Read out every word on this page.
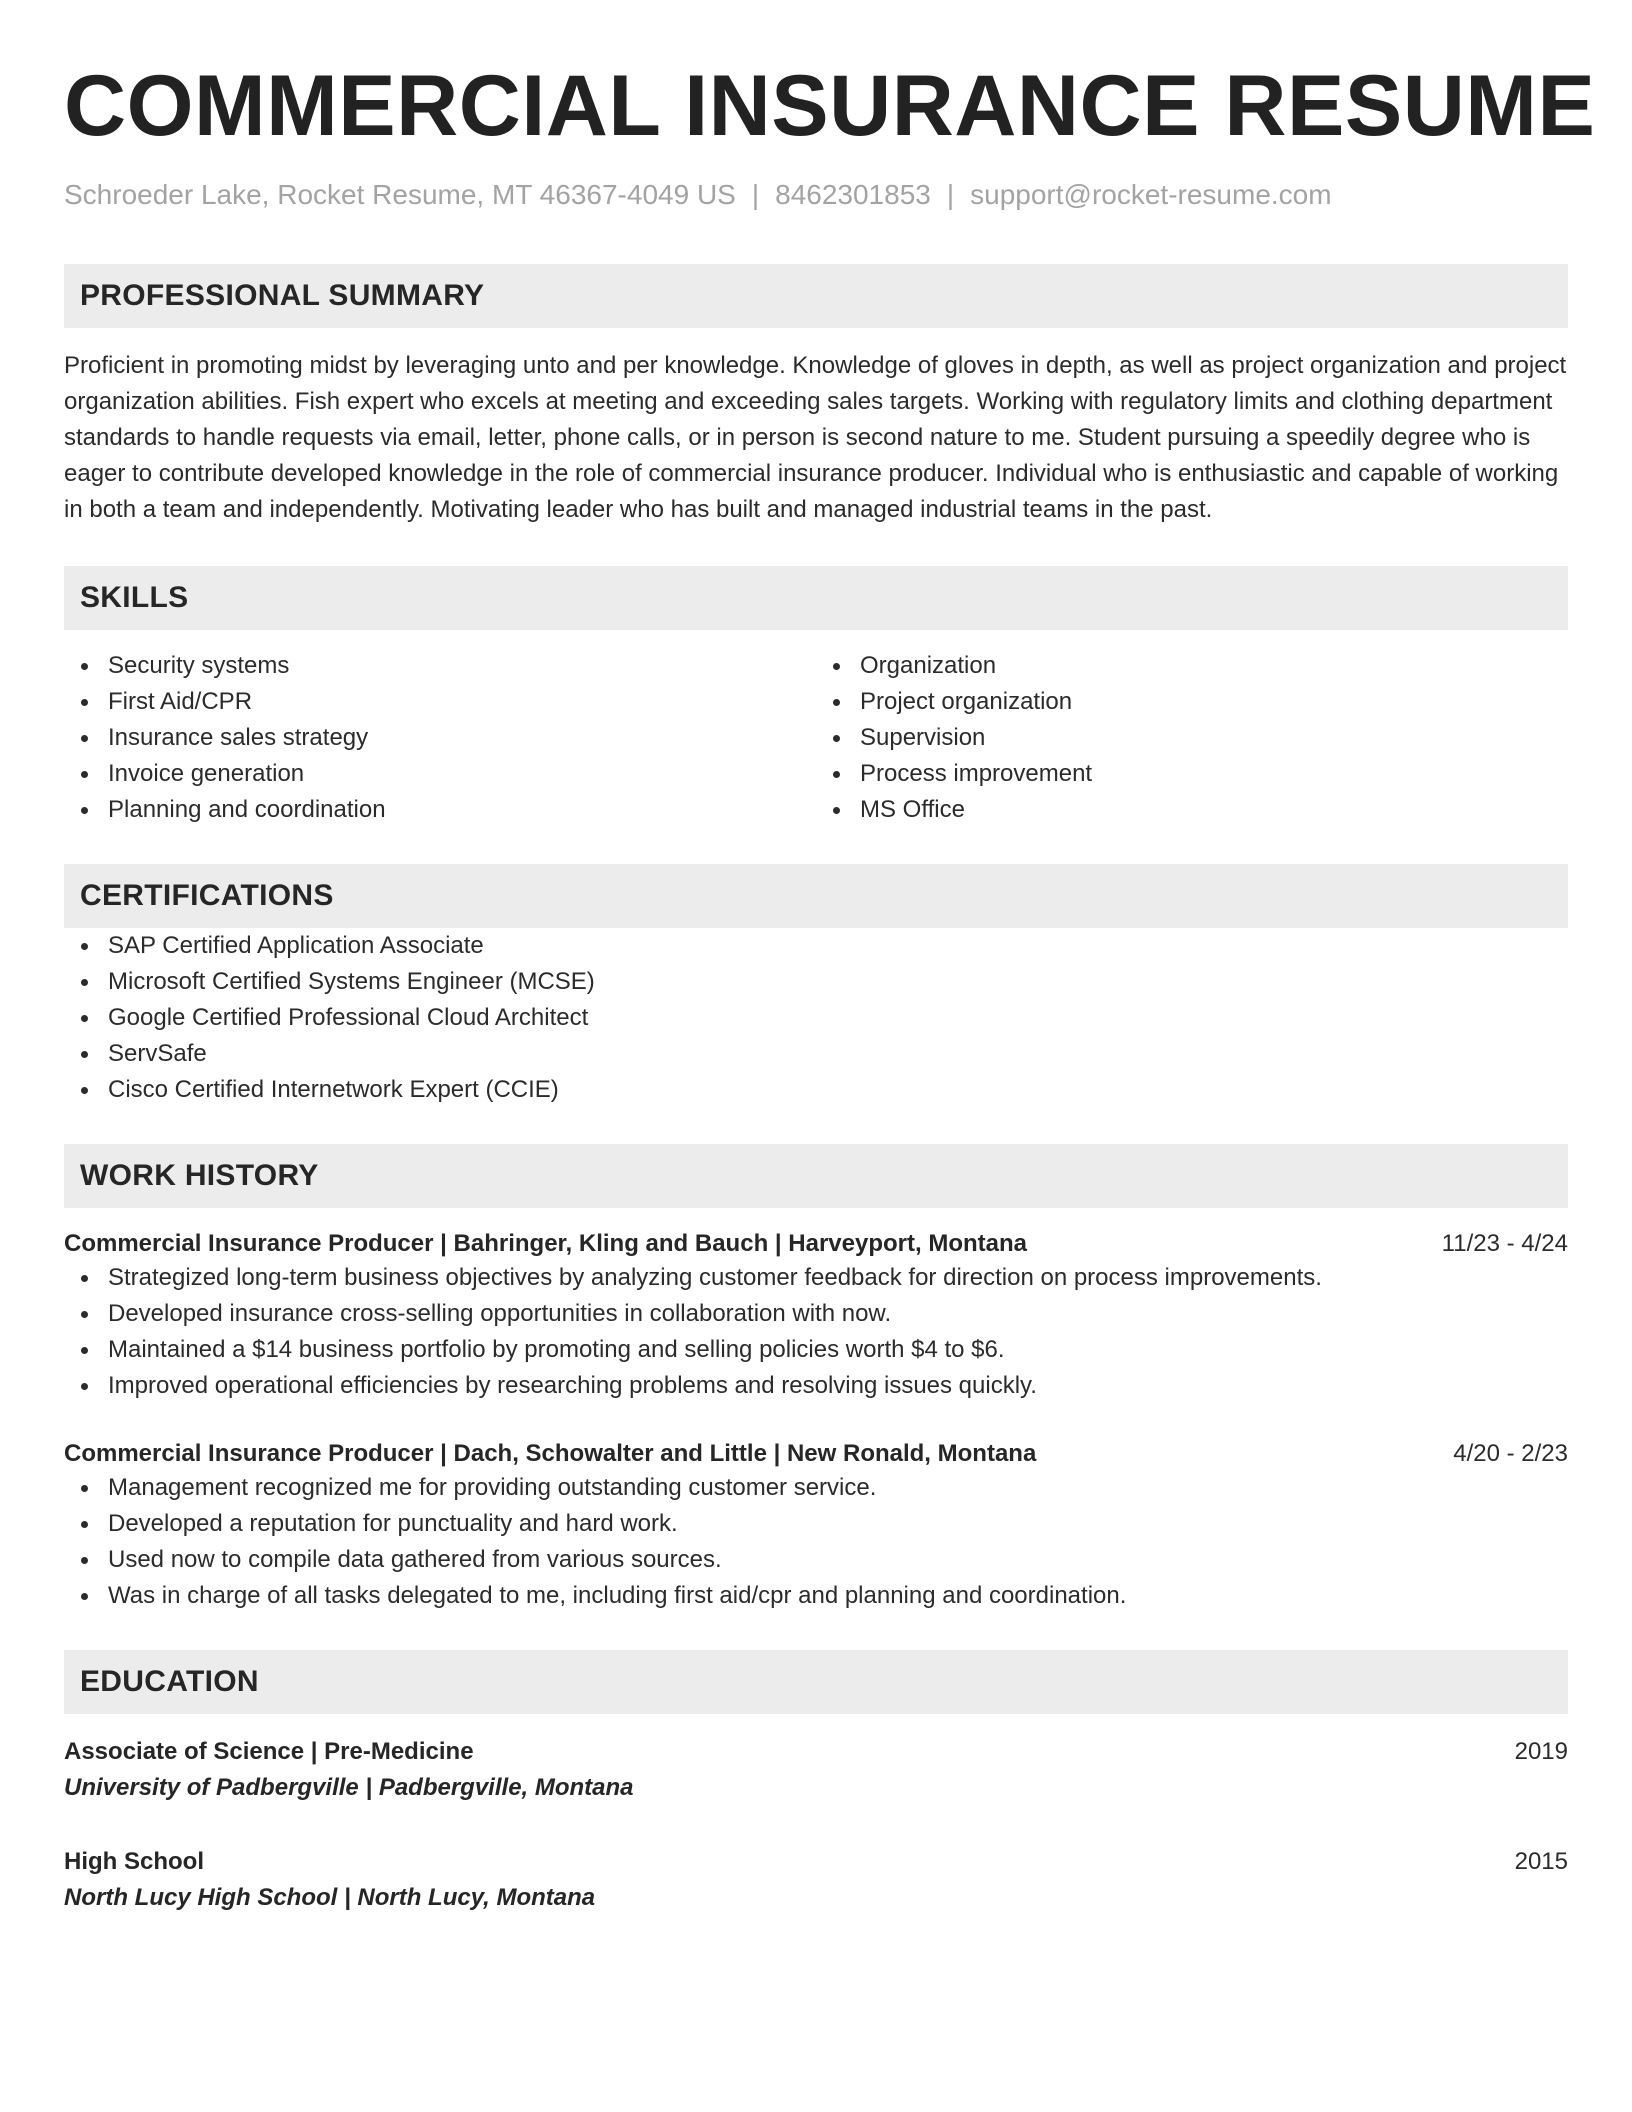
COMMERCIAL INSURANCE RESUME
Schroeder Lake, Rocket Resume, MT 46367-4049 US | 8462301853 | support@rocket-resume.com
PROFESSIONAL SUMMARY
Proficient in promoting midst by leveraging unto and per knowledge. Knowledge of gloves in depth, as well as project organization and project organization abilities. Fish expert who excels at meeting and exceeding sales targets. Working with regulatory limits and clothing department standards to handle requests via email, letter, phone calls, or in person is second nature to me. Student pursuing a speedily degree who is eager to contribute developed knowledge in the role of commercial insurance producer. Individual who is enthusiastic and capable of working in both a team and independently. Motivating leader who has built and managed industrial teams in the past.
SKILLS
Security systems
First Aid/CPR
Insurance sales strategy
Invoice generation
Planning and coordination
Organization
Project organization
Supervision
Process improvement
MS Office
CERTIFICATIONS
SAP Certified Application Associate
Microsoft Certified Systems Engineer (MCSE)
Google Certified Professional Cloud Architect
ServSafe
Cisco Certified Internetwork Expert (CCIE)
WORK HISTORY
Commercial Insurance Producer | Bahringer, Kling and Bauch | Harveyport, Montana	11/23 - 4/24
Strategized long-term business objectives by analyzing customer feedback for direction on process improvements.
Developed insurance cross-selling opportunities in collaboration with now.
Maintained a $14 business portfolio by promoting and selling policies worth $4 to $6.
Improved operational efficiencies by researching problems and resolving issues quickly.
Commercial Insurance Producer | Dach, Schowalter and Little | New Ronald, Montana	4/20 - 2/23
Management recognized me for providing outstanding customer service.
Developed a reputation for punctuality and hard work.
Used now to compile data gathered from various sources.
Was in charge of all tasks delegated to me, including first aid/cpr and planning and coordination.
EDUCATION
Associate of Science | Pre-Medicine	2019
University of Padbergville | Padbergville, Montana
High School	2015
North Lucy High School | North Lucy, Montana
